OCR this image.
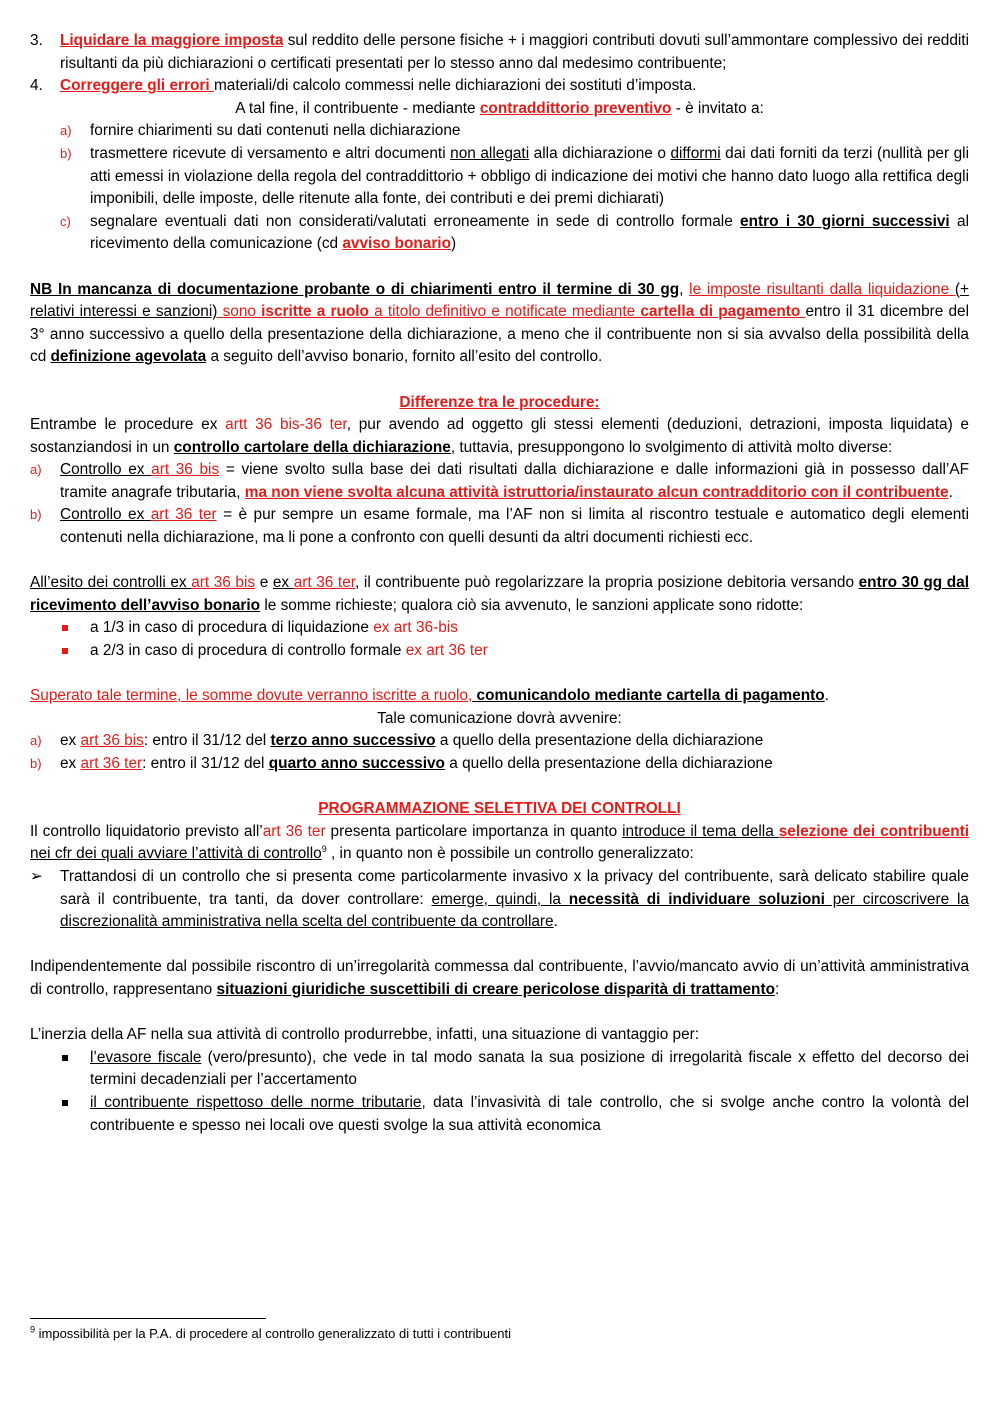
3. Liquidare la maggiore imposta sul reddito delle persone fisiche + i maggiori contributi dovuti sull’ammontare complessivo dei redditi risultanti da più dichiarazioni o certificati presentati per lo stesso anno dal medesimo contribuente;

4. Correggere gli errori materiali/di calcolo commessi nelle dichiarazioni dei sostituti d’imposta.

A tal fine, il contribuente - mediante contraddittorio preventivo - è invitato a:

a) fornire chiarimenti su dati contenuti nella dichiarazione

b) trasmettere ricevute di versamento e altri documenti non allegati alla dichiarazione o difformi dai dati forniti da terzi (nullità per gli atti emessi in violazione della regola del contraddittorio + obbligo di indicazione dei motivi che hanno dato luogo alla rettifica degli imponibili, delle imposte, delle ritenute alla fonte, dei contributi e dei premi dichiarati)

c) segnalare eventuali dati non considerati/valutati erroneamente in sede di controllo formale entro i 30 giorni successivi al ricevimento della comunicazione (cd avviso bonario)

NB In mancanza di documentazione probante o di chiarimenti entro il termine di 30 gg, le imposte risultanti dalla liquidazione (+ relativi interessi e sanzioni) sono iscritte a ruolo a titolo definitivo e notificate mediante cartella di pagamento entro il 31 dicembre del 3° anno successivo a quello della presentazione della dichiarazione, a meno che il contribuente non si sia avvalso della possibilità della cd definizione agevolata a seguito dell’avviso bonario, fornito all’esito del controllo.

Differenze tra le procedure:

Entrambe le procedure ex artt 36 bis-36 ter, pur avendo ad oggetto gli stessi elementi (deduzioni, detrazioni, imposta liquidata) e sostanziandosi in un controllo cartolare della dichiarazione, tuttavia, presuppongono lo svolgimento di attività molto diverse:

a) Controllo ex art 36 bis = viene svolto sulla base dei dati risultati dalla dichiarazione e dalle informazioni già in possesso dall’AF tramite anagrafe tributaria, ma non viene svolta alcuna attività istruttoria/instaurato alcun contradditorio con il contribuente.

b) Controllo ex art 36 ter = è pur sempre un esame formale, ma l’AF non si limita al riscontro testuale e automatico degli elementi contenuti nella dichiarazione, ma li pone a confronto con quelli desunti da altri documenti richiesti ecc.

All’esito dei controlli ex art 36 bis e ex art 36 ter, il contribuente può regolarizzare la propria posizione debitoria versando entro 30 gg dal ricevimento dell’avviso bonario le somme richieste; qualora ciò sia avvenuto, le sanzioni applicate sono ridotte:

a 1/3 in caso di procedura di liquidazione ex art 36-bis

a 2/3 in caso di procedura di controllo formale ex art 36 ter

Superato tale termine, le somme dovute verranno iscritte a ruolo, comunicandolo mediante cartella di pagamento.

Tale comunicazione dovrà avvenire:

a) ex art 36 bis: entro il 31/12 del terzo anno successivo a quello della presentazione della dichiarazione

b) ex art 36 ter: entro il 31/12 del quarto anno successivo a quello della presentazione della dichiarazione

PROGRAMMAZIONE SELETTIVA DEI CONTROLLI

Il controllo liquidatorio previsto all’art 36 ter presenta particolare importanza in quanto introduce il tema della selezione dei contribuenti nei cfr dei quali avviare l’attività di controllo$^9$ , in quanto non è possibile un controllo generalizzato:

➢ Trattandosi di un controllo che si presenta come particolarmente invasivo x la privacy del contribuente, sarà delicato stabilire quale sarà il contribuente, tra tanti, da dover controllare: emerge, quindi, la necessità di individuare soluzioni per circoscrivere la discrezionalità amministrativa nella scelta del contribuente da controllare.

Indipendentemente dal possibile riscontro di un’irregolarità commessa dal contribuente, l’avvio/mancato avvio di un’attività amministrativa di controllo, rappresentano situazioni giuridiche suscettibili di creare pericolose disparità di trattamento:

L’inerzia della AF nella sua attività di controllo produrrebbe, infatti, una situazione di vantaggio per:

l’evasore fiscale (vero/presunto), che vede in tal modo sanata la sua posizione di irregolarità fiscale x effetto del decorso dei termini decadenziali per l’accertamento

il contribuente rispettoso delle norme tributarie, data l’invasività di tale controllo, che si svolge anche contro la volontà del contribuente e spesso nei locali ove questi svolge la sua attività economica

$^9$ impossibilità per la P.A. di procedere al controllo generalizzato di tutti i contribuenti
